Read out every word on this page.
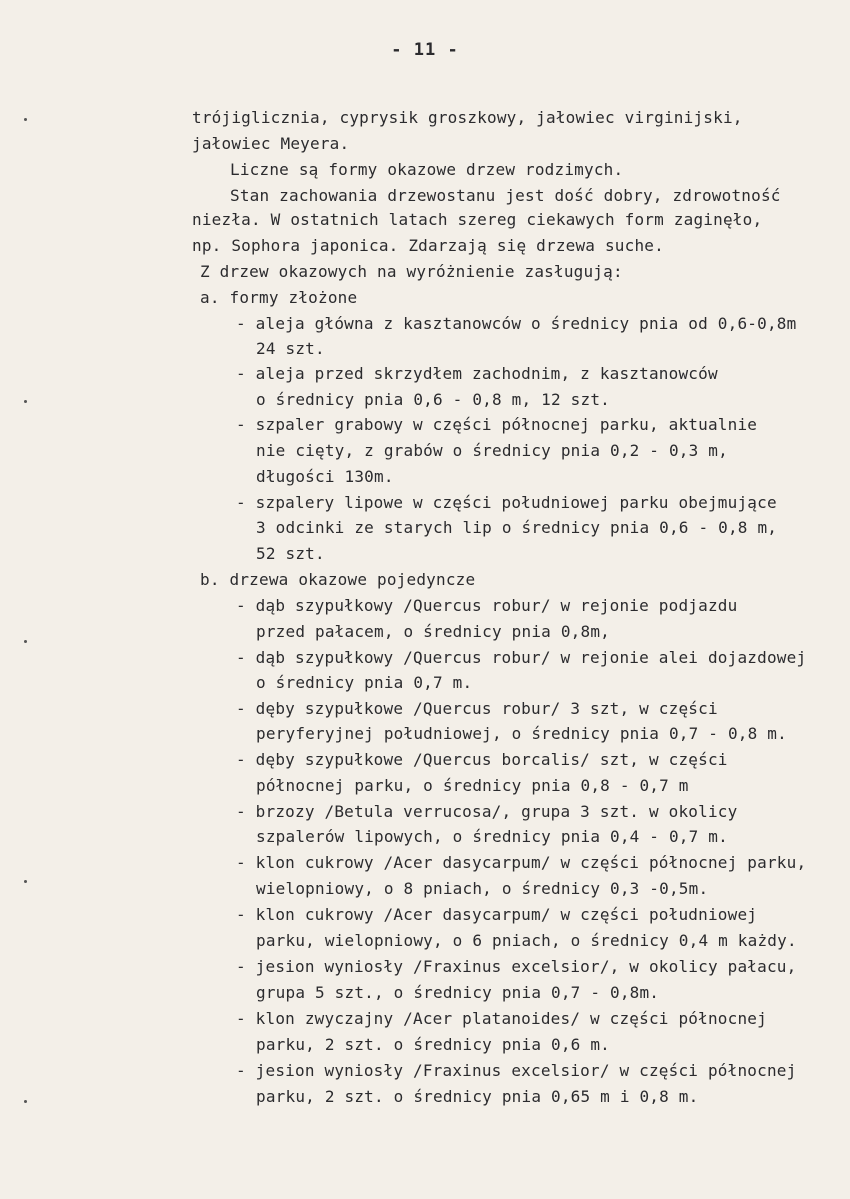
- 11 -
trójiglicznia, cyprysik groszkowy, jałowiec virginijski,
jałowiec Meyera.
Liczne są formy okazowe drzew rodzimych.
Stan zachowania drzewostanu jest dość dobry, zdrowotność
niezła. W ostatnich latach szereg ciekawych form zaginęło,
np. Sophora japonica. Zdarzają się drzewa suche.
Z drzew okazowych na wyróżnienie zasługują:
a. formy złożone
- aleja główna z kasztanowców o średnicy pnia od 0,6-0,8m
24 szt.
- aleja przed skrzydłem zachodnim, z kasztanowców
o średnicy pnia 0,6 - 0,8 m, 12 szt.
- szpaler grabowy w części północnej parku, aktualnie
nie cięty, z grabów o średnicy pnia 0,2 - 0,3 m,
długości 130m.
- szpalery lipowe w części południowej parku obejmujące
3 odcinki ze starych lip o średnicy pnia 0,6 - 0,8 m,
52 szt.
b. drzewa okazowe pojedyncze
- dąb szypułkowy /Quercus robur/ w rejonie podjazdu
przed pałacem, o średnicy pnia 0,8m,
- dąb szypułkowy /Quercus robur/ w rejonie alei dojazdowej
o średnicy pnia 0,7 m.
- dęby szypułkowe /Quercus robur/ 3 szt, w części
peryferyjnej południowej, o średnicy pnia 0,7 - 0,8 m.
- dęby szypułkowe /Quercus borcalis/ szt, w części
północnej parku, o średnicy pnia 0,8 - 0,7 m
- brzozy /Betula verrucosa/, grupa 3 szt. w okolicy
szpalerów lipowych, o średnicy pnia 0,4 - 0,7 m.
- klon cukrowy /Acer dasycarpum/ w części północnej parku,
wielopniowy, o 8 pniach, o średnicy 0,3 -0,5m.
- klon cukrowy /Acer dasycarpum/ w części południowej
parku, wielopniowy, o 6 pniach, o średnicy 0,4 m każdy.
- jesion wyniosły /Fraxinus excelsior/, w okolicy pałacu,
grupa 5 szt., o średnicy pnia 0,7 - 0,8m.
- klon zwyczajny /Acer platanoides/ w części północnej
parku, 2 szt. o średnicy pnia 0,6 m.
- jesion wyniosły /Fraxinus excelsior/ w części północnej
parku, 2 szt. o średnicy pnia 0,65 m i 0,8 m.
